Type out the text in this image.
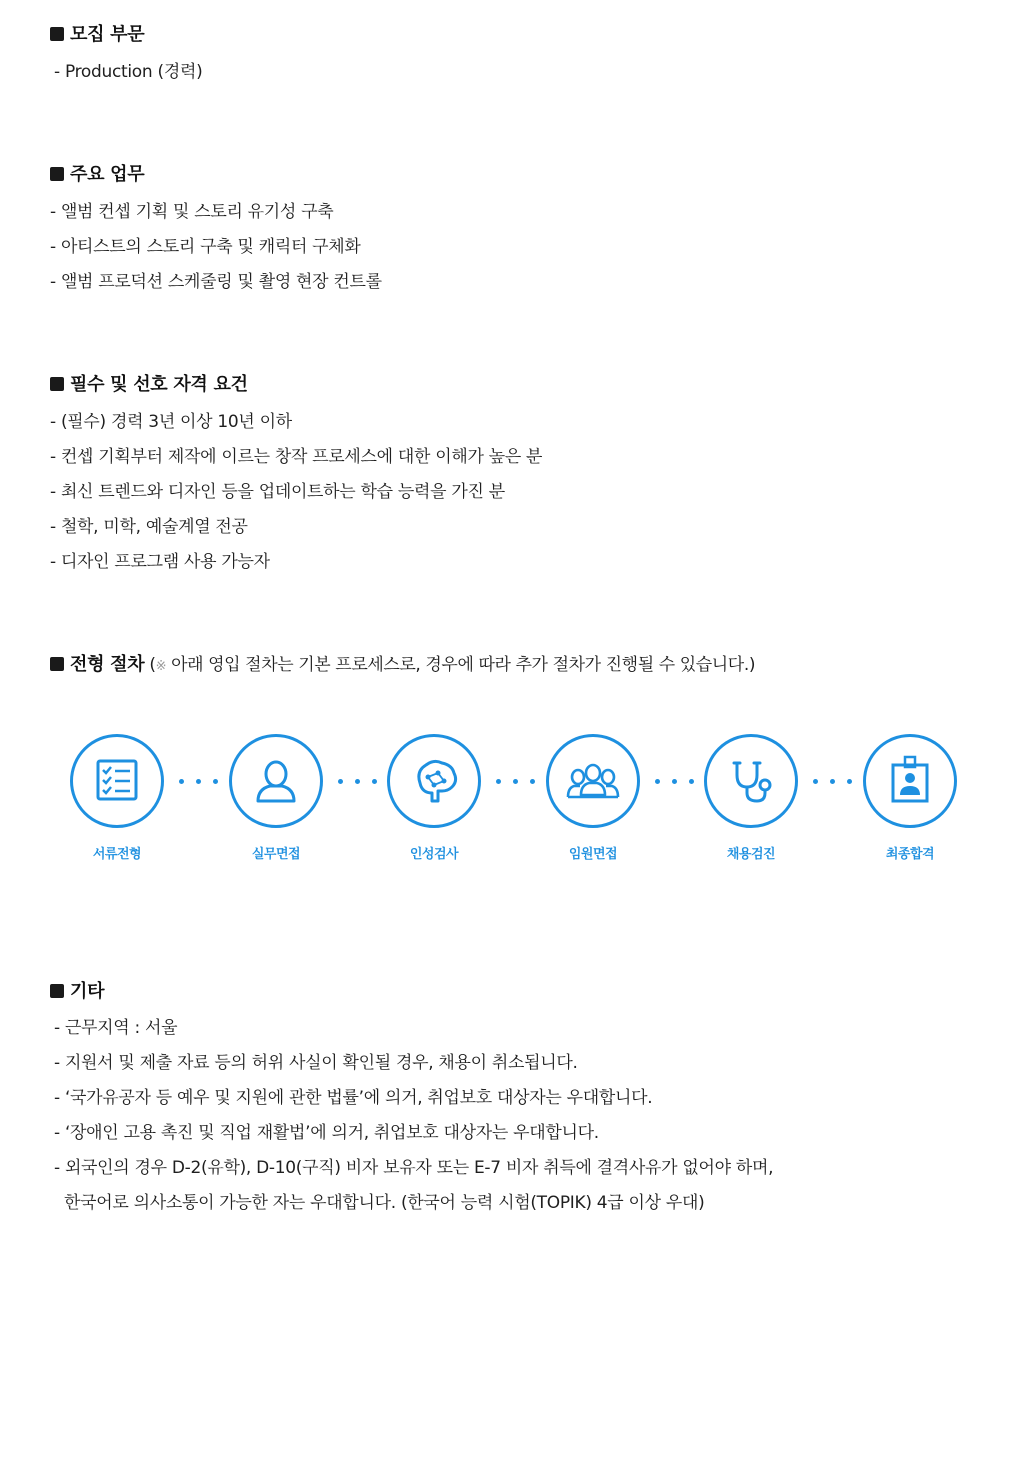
모집 부문
- Production (경력)
주요 업무
- 앨범 컨셉 기획 및 스토리 유기성 구축
- 아티스트의 스토리 구축 및 캐릭터 구체화
- 앨범 프로덕션 스케줄링 및 촬영 현장 컨트롤
필수 및 선호 자격 요건
- (필수) 경력 3년 이상 10년 이하
- 컨셉 기획부터 제작에 이르는 창작 프로세스에 대한 이해가 높은 분
- 최신 트렌드와 디자인 등을 업데이트하는 학습 능력을 가진 분
- 철학, 미학, 예술계열 전공
- 디자인 프로그램 사용 가능자
전형 절차 (※ 아래 영입 절차는 기본 프로세스로, 경우에 따라 추가 절차가 진행될 수 있습니다.)
서류전형	실무면접	인성검사	임원면접	채용검진	최종합격
기타
- 근무지역 : 서울
- 지원서 및 제출 자료 등의 허위 사실이 확인될 경우, 채용이 취소됩니다.
- ‘국가유공자 등 예우 및 지원에 관한 법률’에 의거, 취업보호 대상자는 우대합니다.
- ‘장애인 고용 촉진 및 직업 재활법’에 의거, 취업보호 대상자는 우대합니다.
- 외국인의 경우 D-2(유학), D-10(구직) 비자 보유자 또는 E-7 비자 취득에 결격사유가 없어야 하며,
한국어로 의사소통이 가능한 자는 우대합니다. (한국어 능력 시험(TOPIK) 4급 이상 우대)
